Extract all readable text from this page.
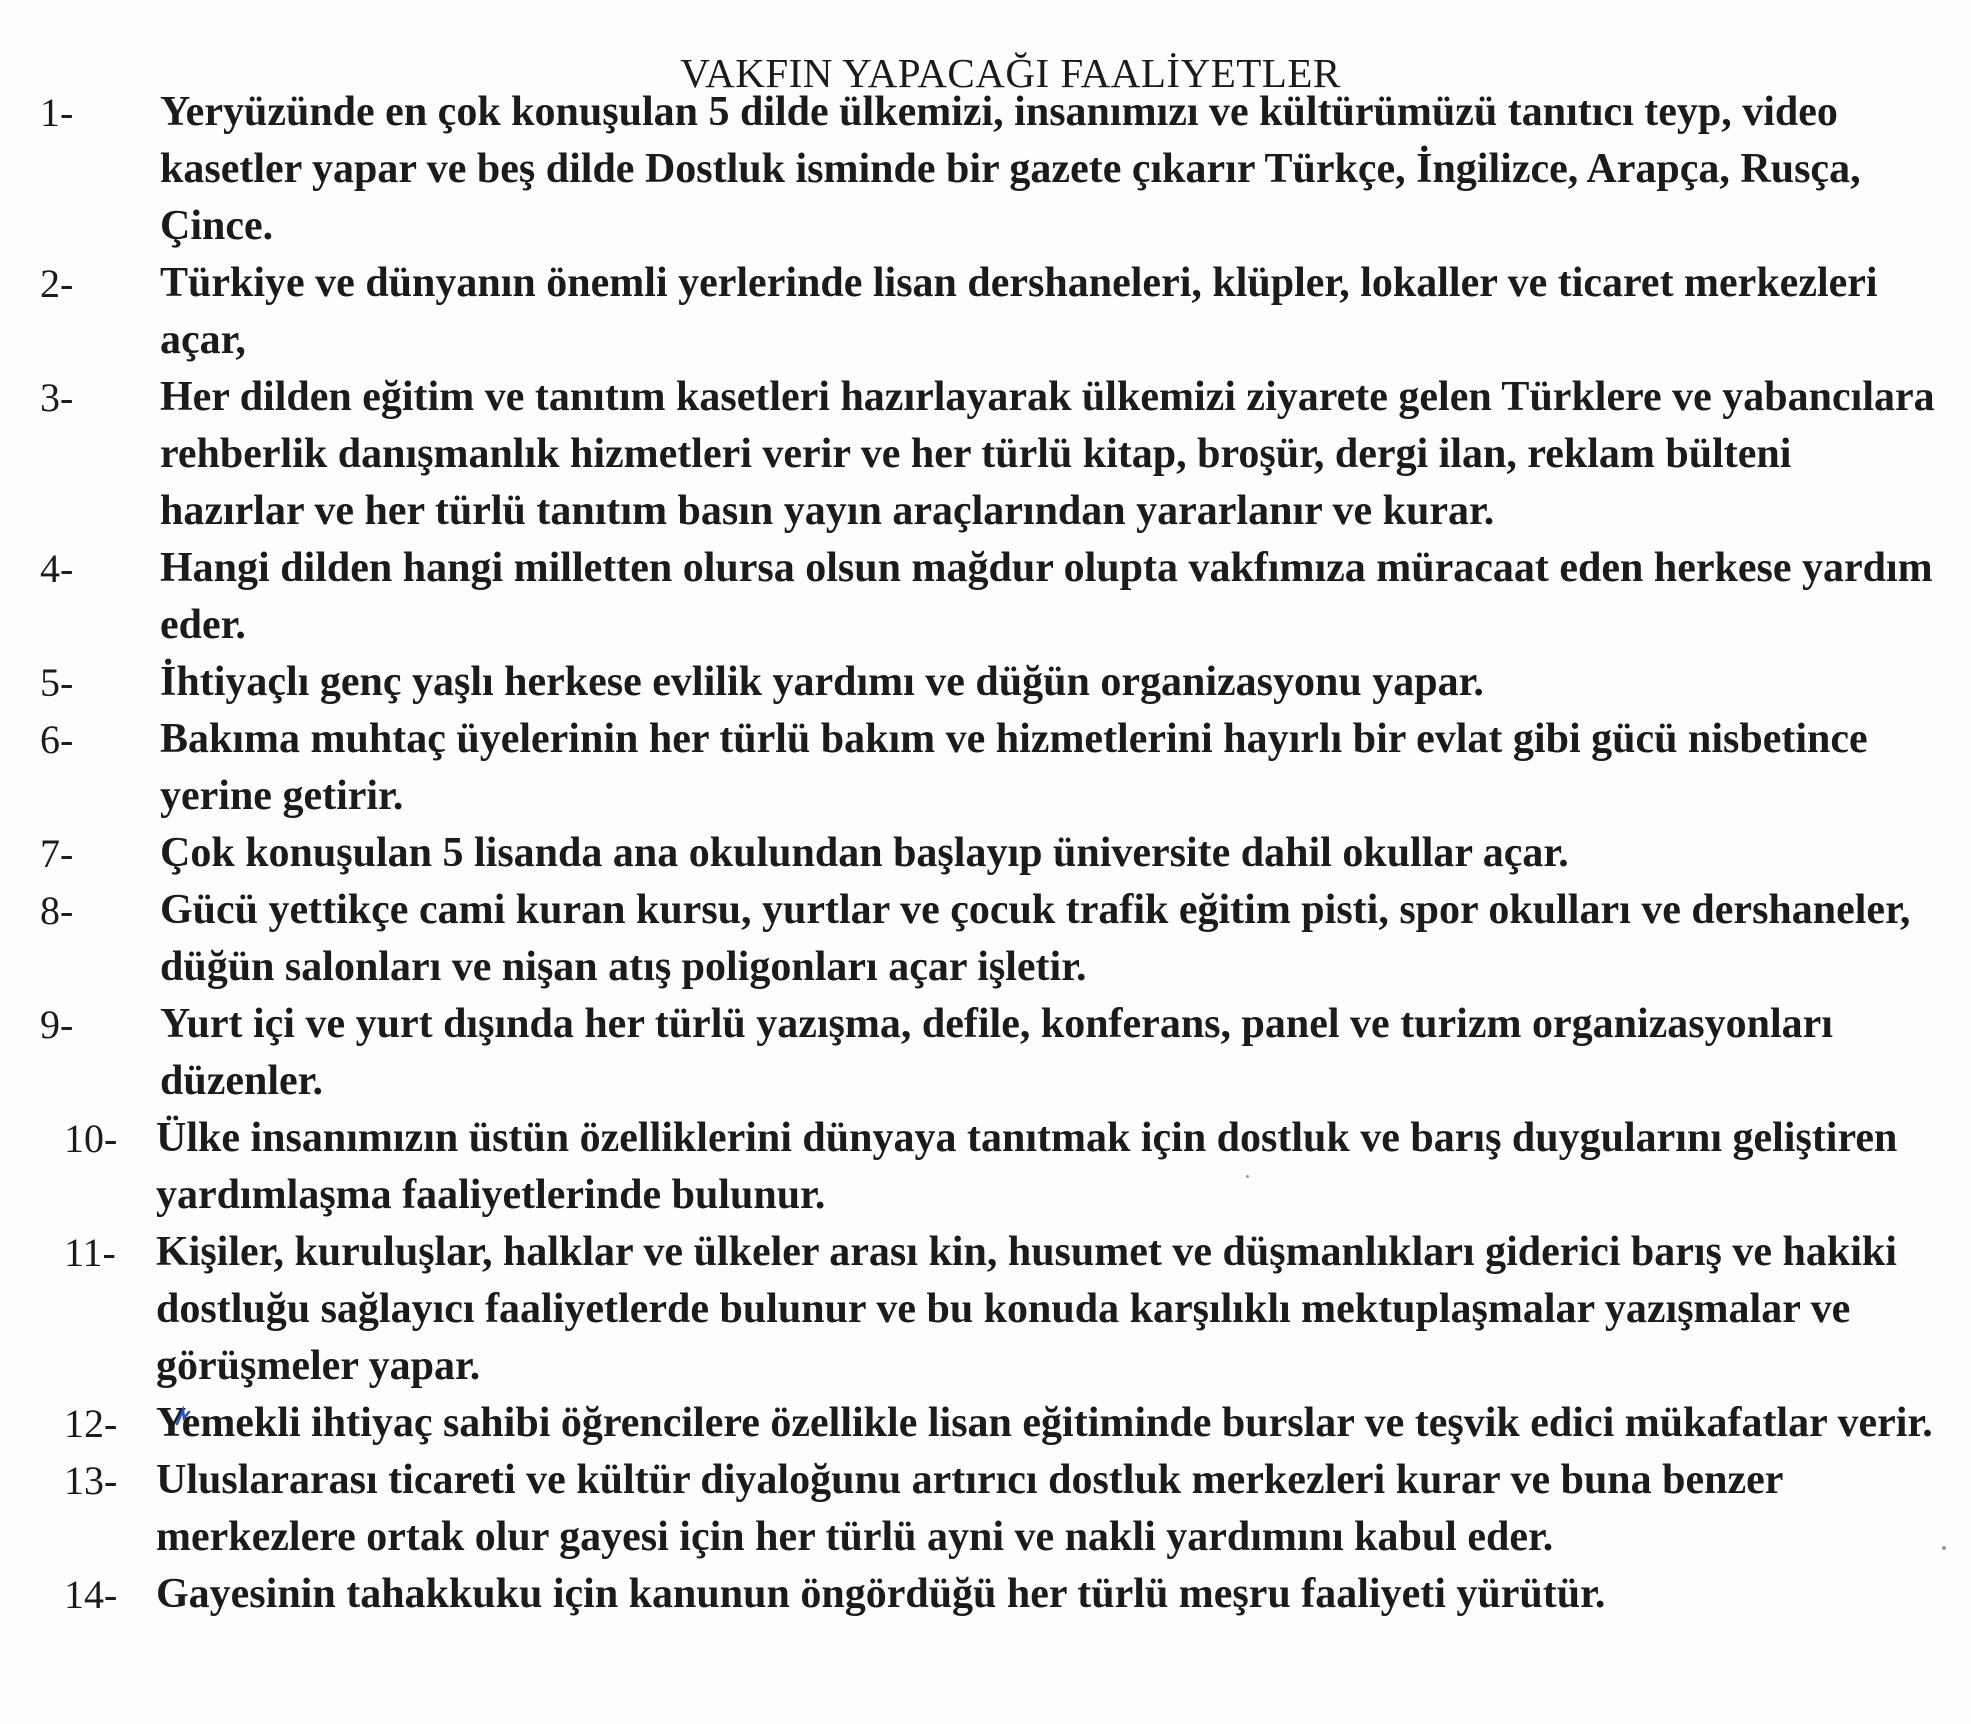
VAKFIN YAPACAĞI FAALİYETLER
1-	Yeryüzünde en çok konuşulan 5 dilde ülkemizi, insanımızı ve kültürümüzü tanıtıcı teyp, video kasetler yapar ve beş dilde Dostluk isminde bir gazete çıkarır Türkçe, İngilizce, Arapça, Rusça, Çince.
2-	Türkiye ve dünyanın önemli yerlerinde lisan dershaneleri, klüpler, lokaller ve ticaret merkezleri açar,
3-	Her dilden eğitim ve tanıtım kasetleri hazırlayarak ülkemizi ziyarete gelen Türklere ve yabancılara rehberlik danışmanlık hizmetleri verir ve her türlü kitap, broşür, dergi ilan, reklam bülteni hazırlar ve her türlü tanıtım basın yayın araçlarından yararlanır ve kurar.
4-	Hangi dilden hangi milletten olursa olsun mağdur olupta vakfımıza müracaat eden herkese yardım eder.
5-	İhtiyaçlı genç yaşlı herkese evlilik yardımı ve düğün organizasyonu yapar.
6-	Bakıma muhtaç üyelerinin her türlü bakım ve hizmetlerini hayırlı bir evlat gibi gücü nisbetince yerine getirir.
7-	Çok konuşulan 5 lisanda ana okulundan başlayıp üniversite dahil okullar açar.
8-	Gücü yettikçe cami kuran kursu, yurtlar ve çocuk trafik eğitim pisti, spor okulları ve dershaneler, düğün salonları ve nişan atış poligonları açar işletir.
9-	Yurt içi ve yurt dışında her türlü yazışma, defile, konferans, panel ve turizm organizasyonları düzenler.
10- Ülke insanımızın üstün özelliklerini dünyaya tanıtmak için dostluk ve barış duygularını geliştiren yardımlaşma faaliyetlerinde bulunur.
11- Kişiler, kuruluşlar, halklar ve ülkeler arası kin, husumet ve düşmanlıkları giderici barış ve hakiki dostluğu sağlayıcı faaliyetlerde bulunur ve bu konuda karşılıklı mektuplaşmalar yazışmalar ve görüşmeler yapar.
12- Yemekli ihtiyaç sahibi öğrencilere özellikle lisan eğitiminde burslar ve teşvik edici mükafatlar verir.
13- Uluslararası ticareti ve kültür diyaloğunu artırıcı dostluk merkezleri kurar ve buna benzer merkezlere ortak olur gayesi için her türlü ayni ve nakli yardımını kabul eder.
14- Gayesinin tahakkuku için kanunun öngördüğü her türlü meşru faaliyeti yürütür.
